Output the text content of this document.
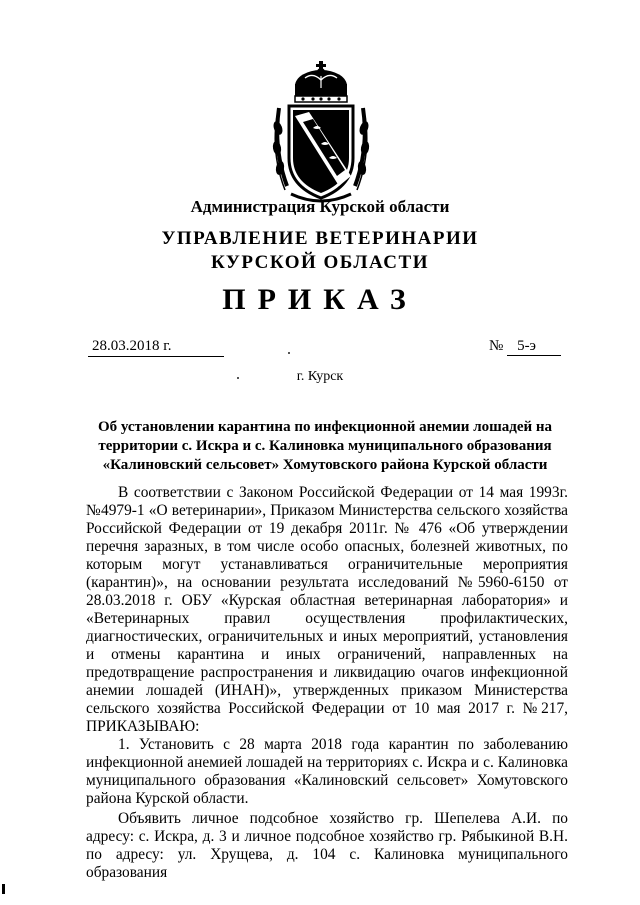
Администрация Курской области
УПРАВЛЕНИЕ ВЕТЕРИНАРИИ
КУРСКОЙ ОБЛАСТИ
ПРИКАЗ
28.03.2018 г.	№ 5-э
г. Курск
Об установлении карантина по инфекционной анемии лошадей на
территории с. Искра и с. Калиновка муниципального образования
«Калиновский сельсовет» Хомутовского района Курской области

В соответствии с Законом Российской Федерации от 14 мая 1993г. №4979-1 «О ветеринарии», Приказом Министерства сельского хозяйства Российской Федерации от 19 декабря 2011г. № 476 «Об утверждении перечня заразных, в том числе особо опасных, болезней животных, по которым могут устанавливаться ограничительные мероприятия (карантин)», на основании результата исследований №5960-6150 от 28.03.2018 г. ОБУ «Курская областная ветеринарная лаборатория» и «Ветеринарных правил осуществления профилактических, диагностических, ограничительных и иных мероприятий, установления и отмены карантина и иных ограничений, направленных на предотвращение распространения и ликвидацию очагов инфекционной анемии лошадей (ИНАН)», утвержденных приказом Министерства сельского хозяйства Российской Федерации от 10 мая 2017 г. №217, ПРИКАЗЫВАЮ:

1. Установить с 28 марта 2018 года карантин по заболеванию инфекционной анемией лошадей на территориях с. Искра и с. Калиновка муниципального образования «Калиновский сельсовет» Хомутовского района Курской области.

Объявить личное подсобное хозяйство гр. Шепелева А.И. по адресу: с. Искра, д. 3 и личное подсобное хозяйство гр. Рябыкиной В.Н. по адресу: ул. Хрущева, д. 104 с. Калиновка муниципального образования
